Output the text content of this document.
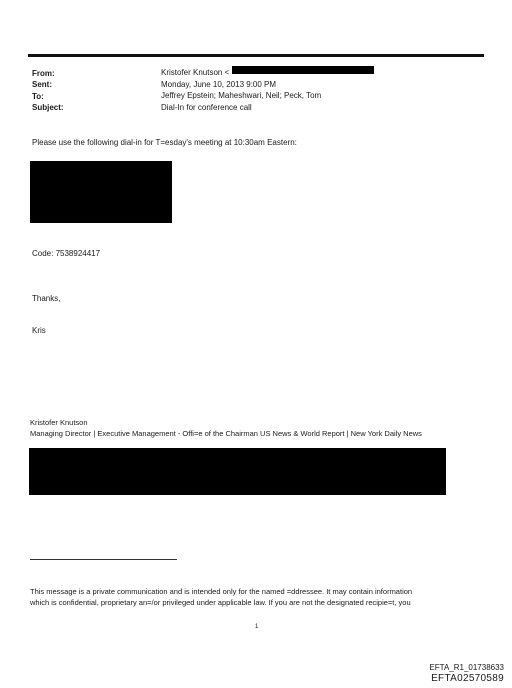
From:	Kristofer Knutson <
Sent:	Monday, June 10, 2013 9:00 PM
To:	Jeffrey Epstein; Maheshwari, Neil; Peck, Tom
Subject:	Dial-In for conference call
Please use the following dial-in for T=esday's meeting at 10:30am Eastern:
Code: 7538924417
Thanks,
Kris
Kristofer Knutson
Managing Director | Executive Management - Offi=e of the Chairman US News & World Report | New York Daily News
This message is a private communication and is intended only for the named =ddressee. It may contain information
which is confidential, proprietary an=/or privileged under applicable law. If you are not the designated recipie=t, you
1
EFTA_R1_01738633
EFTA02570589
